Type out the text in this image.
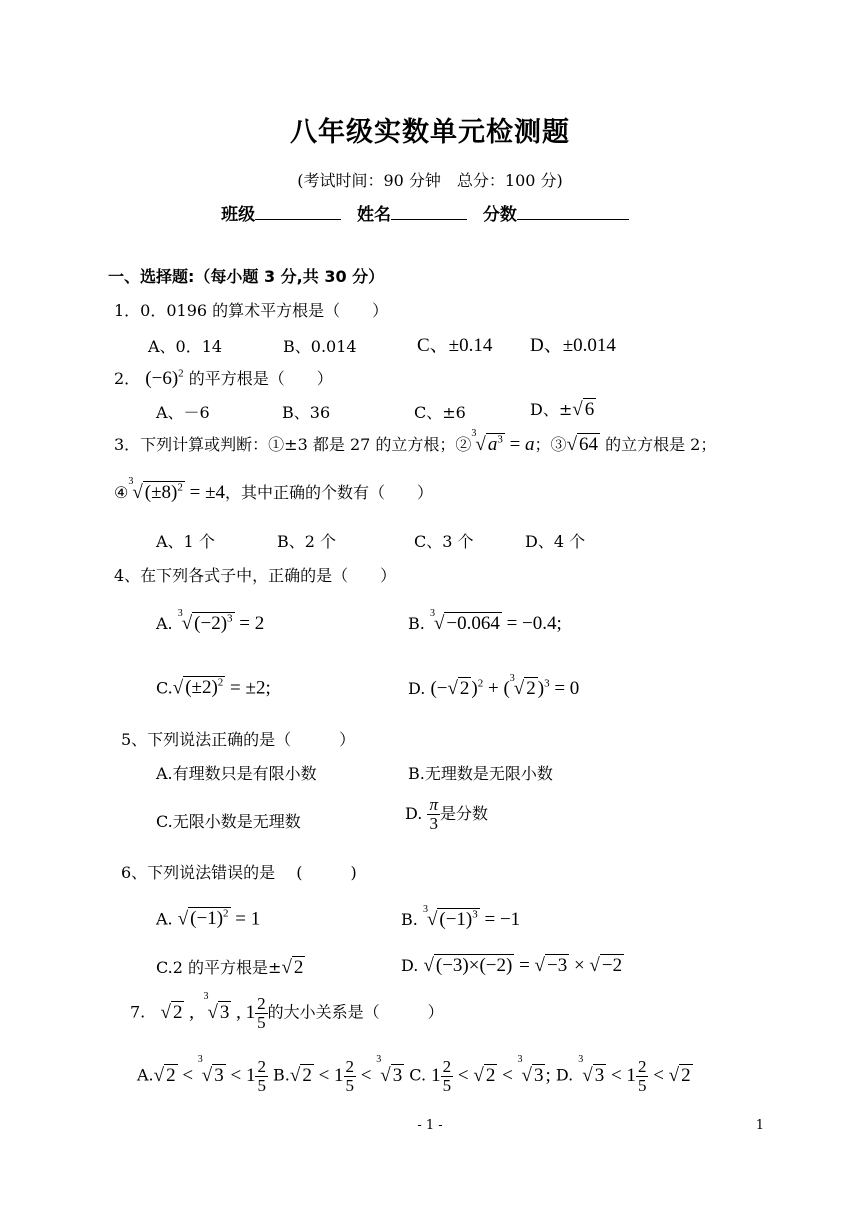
八年级实数单元检测题
(考试时间：90 分钟　总分：100 分)
班级	姓名	分数
一、选择题:（每小题 3 分,共 30 分）
1．0．0196 的算术平方根是（　　）
A、0．14	B、0.014	C、±0.14 D、±0.014
2． $(-6)^2$ 的平方根是（　　）
A、－6	B、36	C、±6	D、±√ 6
3．下列计算或判断：①±3 都是 27 的立方根；②$^3$√ $a^3 = a$；③√ 64 的立方根是 2；
④$^3$√ $(\pm 8)^2 = \pm 4$，其中正确的个数有（　　）
A、1 个	B、2 个	C、3 个	D、4 个
4、在下列各式子中，正确的是（　　）
A. $^3$√ $(-2)^3 = 2$	B. $^3$√ −0.064 = −0.4;
C.√ $(\pm 2)^2 = \pm 2$;	D. (−√ 2 )$^2$ + ($^3$√ 2 )$^3$ = 0
5、下列说法正确的是（　　　）
A.有理数只是有限小数	B.无理数是无限小数
C.无限小数是无理数	D. $\frac{\pi}{3}$ 是分数
6、下列说法错误的是　 (　　　)
A. √ $(-1)^2 = 1$	B. $^3$√ $(-1)^3 = -1$
C.2 的平方根是±√ 2	D. √ (−3)×(−2) = √ −3 × √ −2
7. √ 2 ,  $^3$√ 3 , $1 \frac{2}{5}$ 的大小关系是（　　　）
A.√ 2 < $^3$√ $3 < 1 \frac{2}{5} B.√$ $2 < 1 \frac{2}{5} < ^3√$ 3 C. $1 \frac{2}{5}$ < √ 2 < $^3$√ 3 ; D. $^3$√ $3 < 1 \frac{2}{5}$ < √ 2
- 1 -	1
